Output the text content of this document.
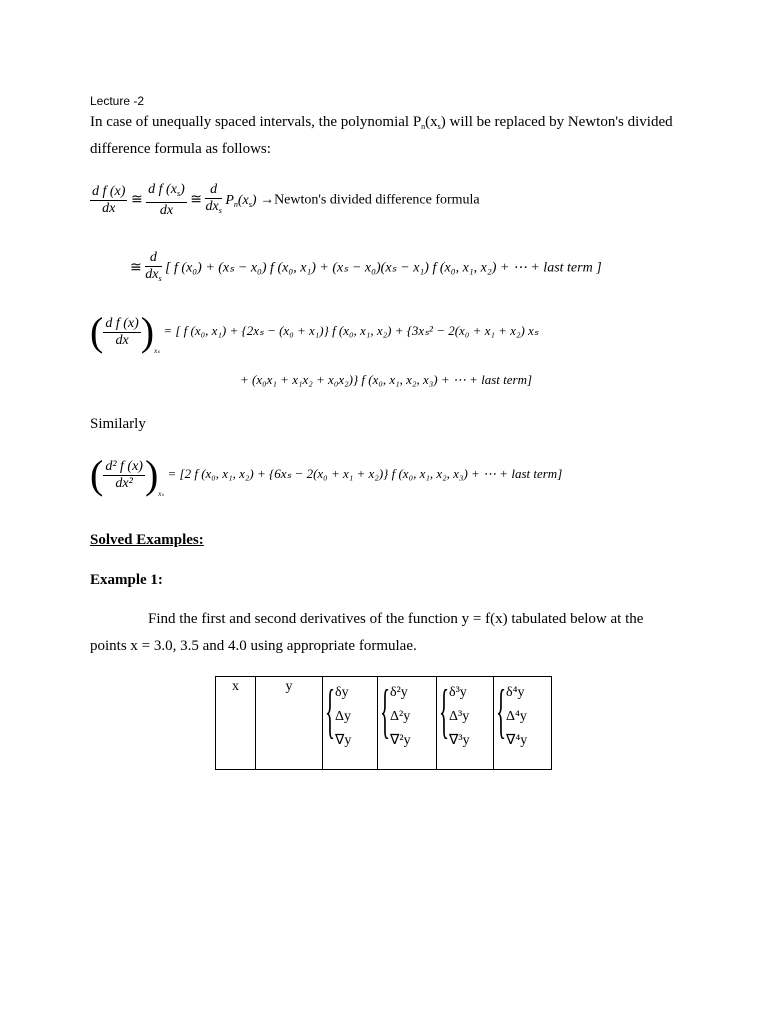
Lecture -2
In case of unequally spaced intervals, the polynomial $P_n(x_s)$ will be replaced by Newton's divided
difference formula as follows:
$\frac{\text{d f (x)}}{dx}$ ≅ $\frac{d f (x_s)}{dx}$ ≅ $\frac{d}{dx_s} P_n(x_s)$ →Newton's divided difference formula
≅ $\frac{d}{dx_s}$ [ f (x₀) + (xₛ − x₀) f (x₀, x₁) + (xₛ − x₀)(xₛ − x₁) f (x₀, x₁, x₂) + ⋯ + last term ]
( $\frac{\text{d f (x)}}{dx} )_{x_s}$ = [ f (x₀, x₁) + {2xₛ − (x₀ + x₁)} f (x₀, x₁, x₂) + {3xₛ² − 2(x₀ + x₁ + x₂) xₛ
+ (x₀x₁ + x₁x₂ + x₀x₂)} f (x₀, x₁, x₂, x₃) + ⋯ + last term]
Similarly
( $\frac{\text{d² f (x)}}{\text{dx²}} )_{x_s} = [2$ f (x₀, x₁, x₂) + {6xₛ − 2(x₀ + x₁ + x₂)} f (x₀, x₁, x₂, x₃) + ⋯ + last term]
Solved Examples:
Example 1:
Find the first and second derivatives of the function y = f(x) tabulated below at the
points x = 3.0, 3.5 and 4.0 using appropriate formulae.
x	y	{ δy
Δy
∇y	{ δ²y
Δ²y
∇²y	{ δ³y
Δ³y
∇³y	{ δ⁴y
Δ⁴y
∇⁴y
